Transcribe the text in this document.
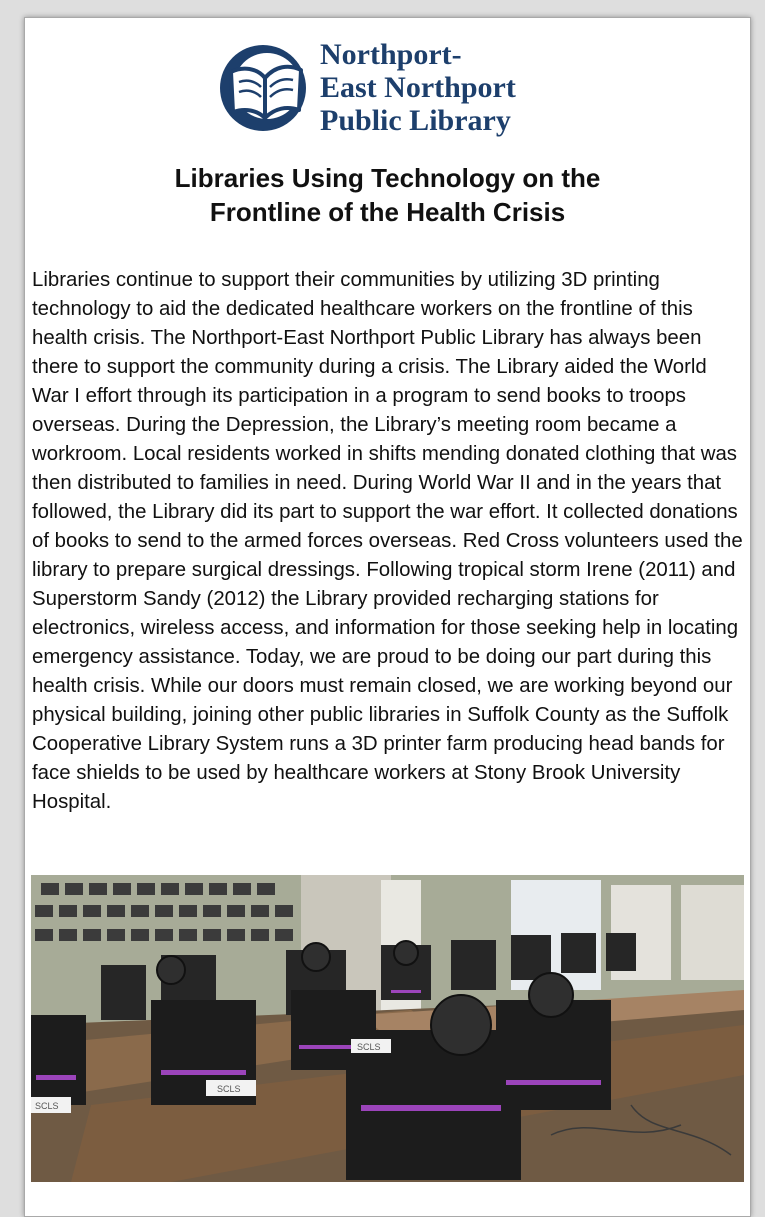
Northport-
East Northport
Public Library
Libraries Using Technology on the
Frontline of the Health Crisis

Libraries continue to support their communities by utilizing 3D printing technology to aid the dedicated healthcare workers on the frontline of this health crisis. The Northport-East Northport Public Library has always been there to support the community during a crisis. The Library aided the World War I effort through its participation in a program to send books to troops overseas. During the Depression, the Library’s meeting room became a workroom. Local residents worked in shifts mending donated clothing that was then distributed to families in need. During World War II and in the years that followed, the Library did its part to support the war effort. It collected donations of books to send to the armed forces overseas. Red Cross volunteers used the library to prepare surgical dressings. Following tropical storm Irene (2011) and Superstorm Sandy (2012) the Library provided recharging stations for electronics, wireless access, and information for those seeking help in locating emergency assistance. Today, we are proud to be doing our part during this health crisis. While our doors must remain closed, we are working beyond our physical building, joining other public libraries in Suffolk County as the Suffolk Cooperative Library System runs a 3D printer farm producing head bands for face shields to be used by healthcare workers at Stony Brook University Hospital.

SCLS
SCLS
SCLS
